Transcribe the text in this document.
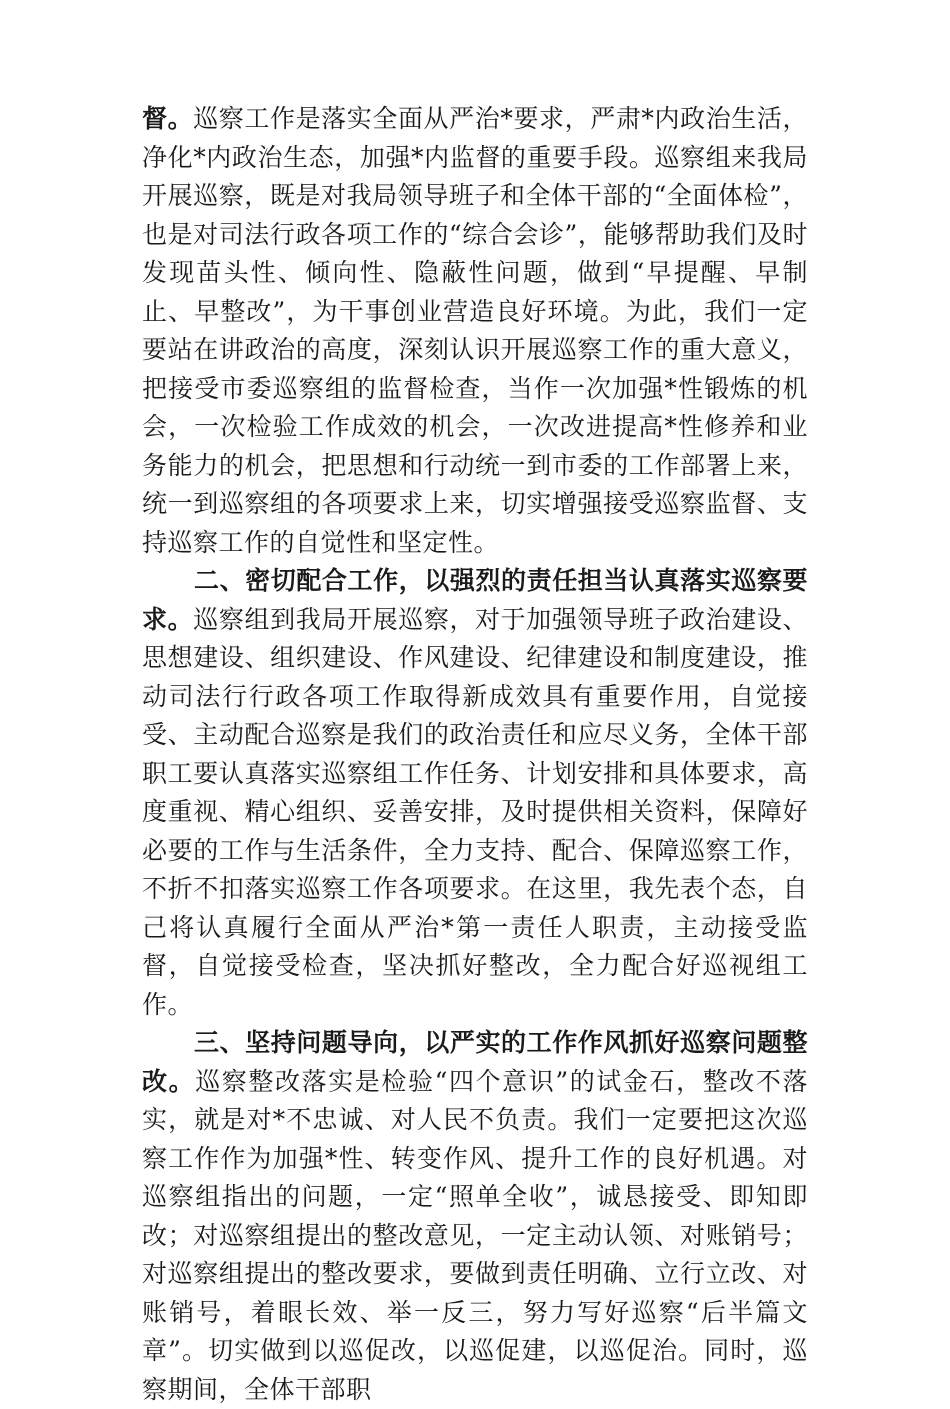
督。巡察工作是落实全面从严治*要求，严肃*内政治生活，净化*内政治生态，加强*内监督的重要手段。巡察组来我局开展巡察，既是对我局领导班子和全体干部的“全面体检”，也是对司法行政各项工作的“综合会诊”，能够帮助我们及时发现苗头性、倾向性、隐蔽性问题，做到“早提醒、早制止、早整改”，为干事创业营造良好环境。为此，我们一定要站在讲政治的高度，深刻认识开展巡察工作的重大意义，把接受市委巡察组的监督检查，当作一次加强*性锻炼的机会，一次检验工作成效的机会，一次改进提高*性修养和业务能力的机会，把思想和行动统一到市委的工作部署上来，统一到巡察组的各项要求上来，切实增强接受巡察监督、支持巡察工作的自觉性和坚定性。

二、密切配合工作，以强烈的责任担当认真落实巡察要求。巡察组到我局开展巡察，对于加强领导班子政治建设、思想建设、组织建设、作风建设、纪律建设和制度建设，推动司法行行政各项工作取得新成效具有重要作用，自觉接受、主动配合巡察是我们的政治责任和应尽义务，全体干部职工要认真落实巡察组工作任务、计划安排和具体要求，高度重视、精心组织、妥善安排，及时提供相关资料，保障好必要的工作与生活条件，全力支持、配合、保障巡察工作，不折不扣落实巡察工作各项要求。在这里，我先表个态，自己将认真履行全面从严治*第一责任人职责，主动接受监督，自觉接受检查，坚决抓好整改，全力配合好巡视组工作。

三、坚持问题导向，以严实的工作作风抓好巡察问题整改。巡察整改落实是检验“四个意识”的试金石，整改不落实，就是对*不忠诚、对人民不负责。我们一定要把这次巡察工作作为加强*性、转变作风、提升工作的良好机遇。对巡察组指出的问题，一定“照单全收”，诚恳接受、即知即改；对巡察组提出的整改意见，一定主动认领、对账销号；对巡察组提出的整改要求，要做到责任明确、立行立改、对账销号，着眼长效、举一反三，努力写好巡察“后半篇文章”。切实做到以巡促改，以巡促建，以巡促治。同时，巡察期间，全体干部职
